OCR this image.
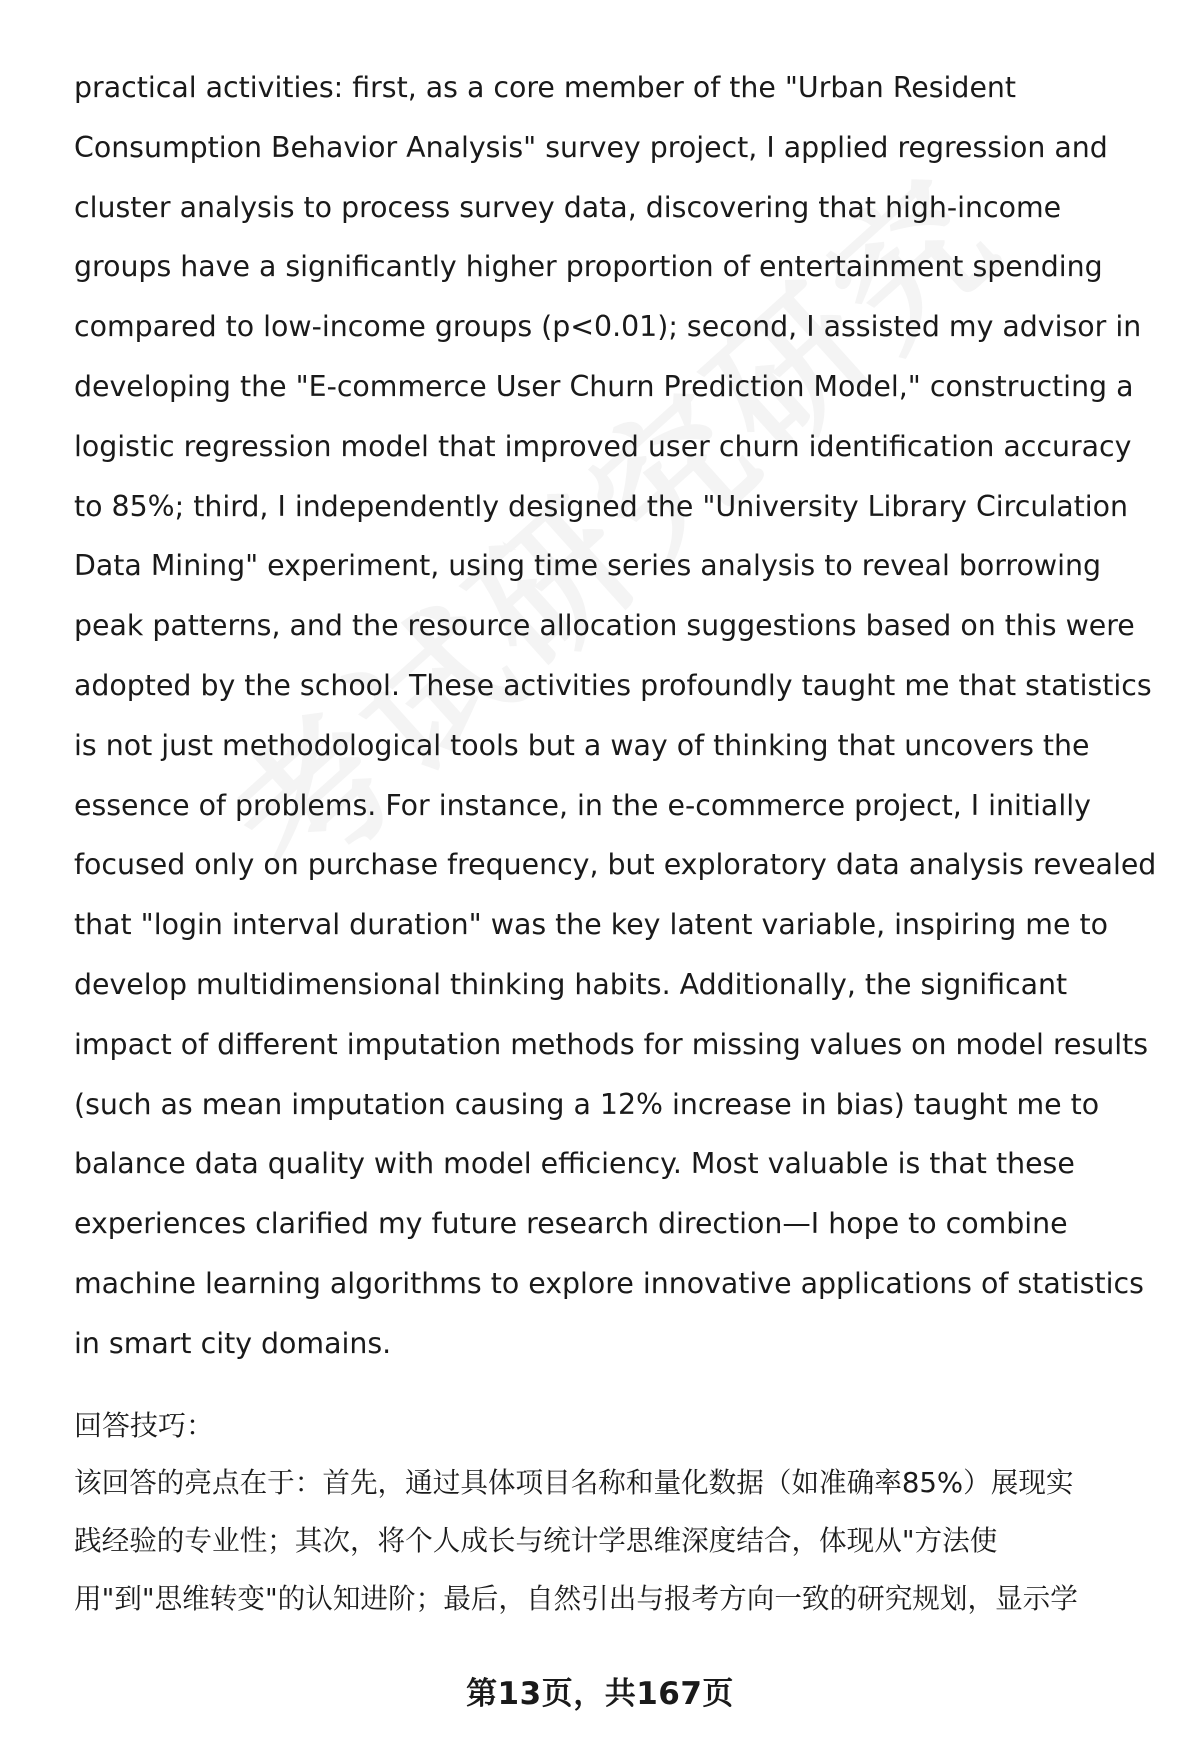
practical activities: first, as a core member of the "Urban Resident
Consumption Behavior Analysis" survey project, I applied regression and
cluster analysis to process survey data, discovering that high-income
groups have a significantly higher proportion of entertainment spending
compared to low-income groups (p<0.01); second, I assisted my advisor in
developing the "E-commerce User Churn Prediction Model," constructing a
logistic regression model that improved user churn identification accuracy
to 85%; third, I independently designed the "University Library Circulation
Data Mining" experiment, using time series analysis to reveal borrowing
peak patterns, and the resource allocation suggestions based on this were
adopted by the school. These activities profoundly taught me that statistics
is not just methodological tools but a way of thinking that uncovers the
essence of problems. For instance, in the e-commerce project, I initially
focused only on purchase frequency, but exploratory data analysis revealed
that "login interval duration" was the key latent variable, inspiring me to
develop multidimensional thinking habits. Additionally, the significant
impact of different imputation methods for missing values on model results
(such as mean imputation causing a 12% increase in bias) taught me to
balance data quality with model efficiency. Most valuable is that these
experiences clarified my future research direction—I hope to combine
machine learning algorithms to explore innovative applications of statistics
in smart city domains.
回答技巧：
该回答的亮点在于：首先，通过具体项目名称和量化数据（如准确率85%）展现实
践经验的专业性；其次，将个人成长与统计学思维深度结合，体现从"方法使
用"到"思维转变"的认知进阶；最后，自然引出与报考方向一致的研究规划，显示学
第13页，共167页
